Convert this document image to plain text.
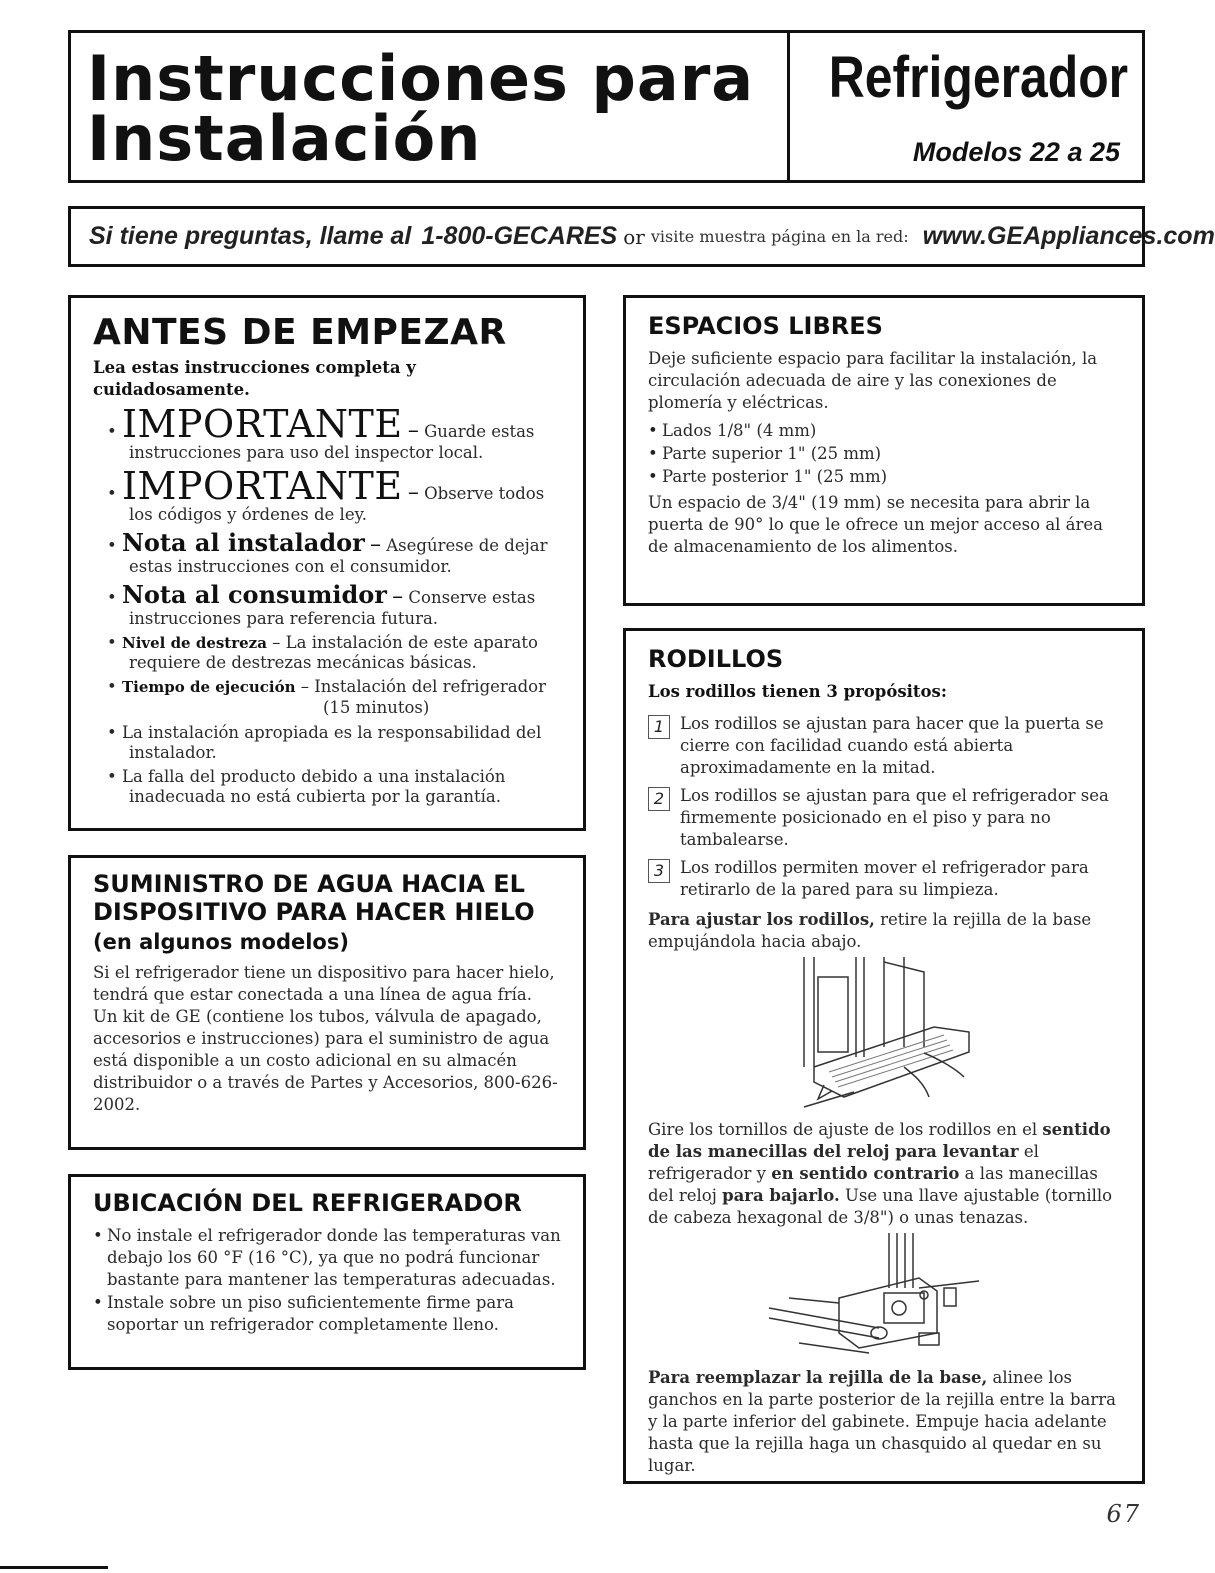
Instrucciones para
Instalación
Refrigerador
Modelos 22 a 25
Si tiene preguntas, llame al 1-800-GECARES or visite muestra página en la red: www.GEAppliances.com
ANTES DE EMPEZAR

Lea estas instrucciones completa y cuidadosamente.

• IMPORTANTE – Guarde estas instrucciones para uso del inspector local.

• IMPORTANTE – Observe todos los códigos y órdenes de ley.

• Nota al instalador – Asegúrese de dejar estas instrucciones con el consumidor.

• Nota al consumidor – Conserve estas instrucciones para referencia futura.

• Nivel de destreza – La instalación de este aparato requiere de destrezas mecánicas básicas.

• Tiempo de ejecución – Instalación del refrigerador

(15 minutos)

• La instalación apropiada es la responsabilidad del instalador.

• La falla del producto debido a una instalación inadecuada no está cubierta por la garantía.

SUMINISTRO DE AGUA HACIA EL DISPOSITIVO PARA HACER HIELO
(en algunos modelos)

Si el refrigerador tiene un dispositivo para hacer hielo, tendrá que estar conectada a una línea de agua fría. Un kit de GE (contiene los tubos, válvula de apagado, accesorios e instrucciones) para el suministro de agua está disponible a un costo adicional en su almacén distribuidor o a través de Partes y Accesorios, 800-626-2002.

UBICACIÓN DEL REFRIGERADOR
• No instale el refrigerador donde las temperaturas van debajo los 60 °F (16 °C), ya que no podrá funcionar bastante para mantener las temperaturas adecuadas.
• Instale sobre un piso suficientemente firme para soportar un refrigerador completamente lleno.
ESPACIOS LIBRES

Deje suficiente espacio para facilitar la instalación, la circulación adecuada de aire y las conexiones de plomería y eléctricas.

• Lados 1/8" (4 mm)
• Parte superior 1" (25 mm)
• Parte posterior 1" (25 mm)

Un espacio de 3/4" (19 mm) se necesita para abrir la puerta de 90° lo que le ofrece un mejor acceso al área de almacenamiento de los alimentos.

RODILLOS

Los rodillos tienen 3 propósitos:

1 Los rodillos se ajustan para hacer que la puerta se cierre con facilidad cuando está abierta aproximadamente en la mitad.

2 Los rodillos se ajustan para que el refrigerador sea firmemente posicionado en el piso y para no tambalearse.

3 Los rodillos permiten mover el refrigerador para retirarlo de la pared para su limpieza.

Para ajustar los rodillos, retire la rejilla de la base empujándola hacia abajo.

Gire los tornillos de ajuste de los rodillos en el sentido de las manecillas del reloj para levantar el refrigerador y en sentido contrario a las manecillas del reloj para bajarlo. Use una llave ajustable (tornillo de cabeza hexagonal de 3/8") o unas tenazas.

Para reemplazar la rejilla de la base, alinee los ganchos en la parte posterior de la rejilla entre la barra y la parte inferior del gabinete. Empuje hacia adelante hasta que la rejilla haga un chasquido al quedar en su lugar.

67
